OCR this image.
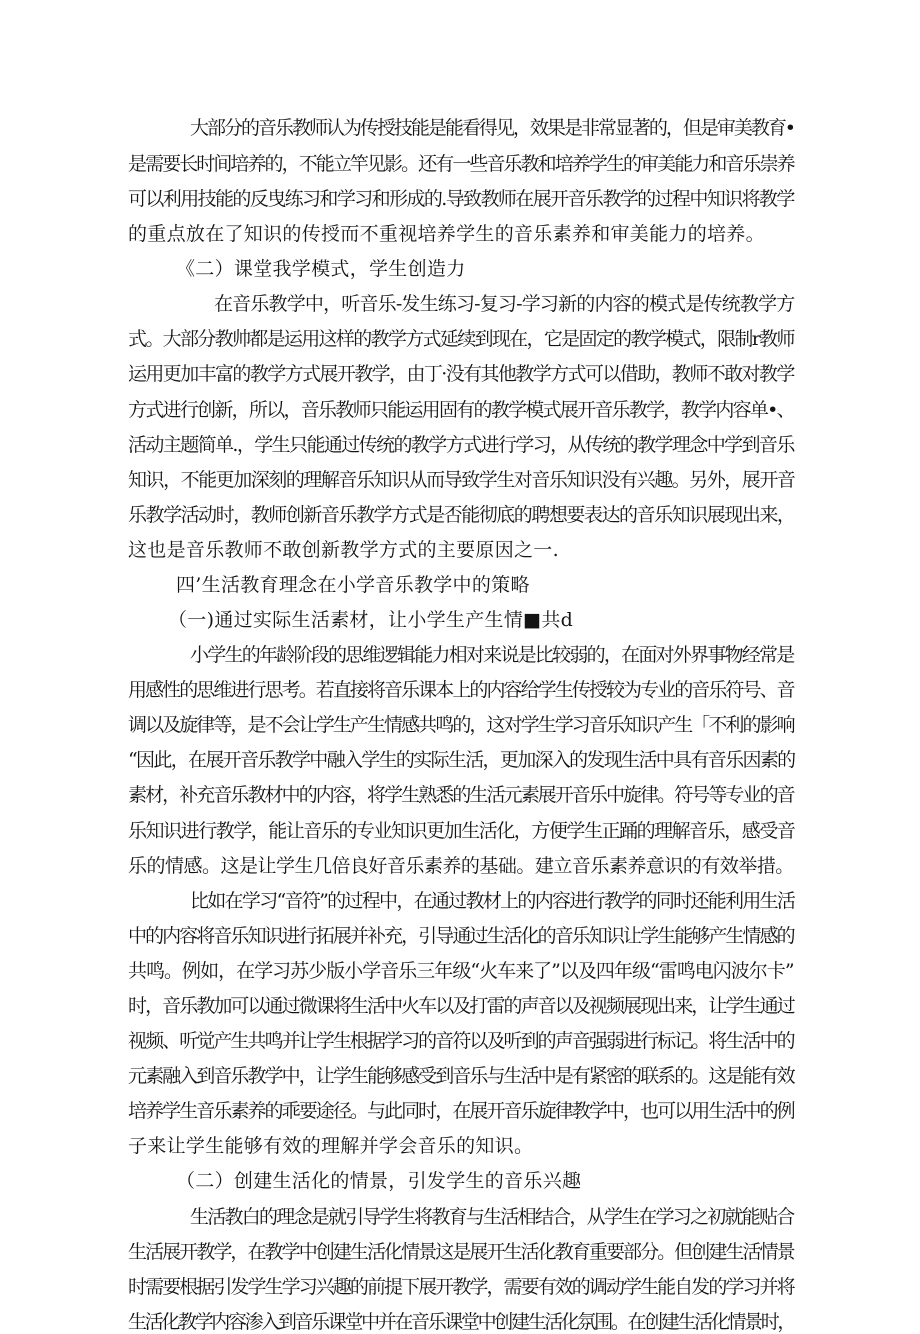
大部分的音乐教师认为传授技能是能看得见，效果是非常显著的，但是审美教育•
是需要长时间培养的，不能立竿见影。还有一些音乐教和培养学生的审美能力和音乐崇养
可以利用技能的反曳练习和学习和形成的.导致教师在展开音乐教学的过程中知识将教学
的重点放在了知识的传授而不重视培养学生的音乐素养和审美能力的培养。
《二）课堂我学模式，学生创造力
在音乐教学中，听音乐-发生练习-复习-学习新的内容的模式是传统教学方
式。大部分教帅都是运用这样的教学方式延续到现在，它是固定的教学模式，限制r教师
运用更加丰富的教学方式展开教学，由丁·没有其他教学方式可以借助，教师不敢对教学
方式进行创新，所以，音乐教师只能运用固有的教学模式展开音乐教学，教学内容单•、
活动主题简单.，学生只能通过传统的教学方式进行学习，从传统的教学理念中学到音乐
知识，不能更加深刻的理解音乐知识从而导致学生对音乐知识没有兴趣。另外，展开音
乐教学活动时，教师创新音乐教学方式是否能彻底的聘想要表达的音乐知识展现出来，
这也是音乐教师不敢创新教学方式的主要原因之一.
四’生活教育理念在小学音乐教学中的策略
（一)通过实际生活素材，让小学生产生情■共d
小学生的年龄阶段的思维逻辑能力相对来说是比较弱的，在面对外界事物经常是
用感性的思维进行思考。若直接将音乐课本上的内容给学生传授较为专业的音乐符号、音
调以及旋律等，是不会让学生产生情感共鸣的，这对学生学习音乐知识产生「不利的影响
“因此，在展开音乐教学中融入学生的实际生活，更加深入的发现生活中具有音乐因素的
素材，补充音乐教材中的内容，将学生熟悉的生活元素展开音乐中旋律。符号等专业的音
乐知识进行教学，能让音乐的专业知识更加生活化，方便学生正踊的理解音乐，感受音
乐的情感。这是让学生几倍良好音乐素养的基础。建立音乐素养意识的有效举措。
比如在学习“音符”的过程中，在通过教材上的内容进行教学的同时还能利用生活
中的内容将音乐知识进行拓展并补充，引导通过生活化的音乐知识让学生能够产生情感的
共鸣。例如，在学习苏少版小学音乐三年级“火车来了”以及四年级“雷鸣电闪波尔卡”
时，音乐教加可以通过微课将生活中火车以及打雷的声音以及视频展现出来，让学生通过
视频、听觉产生共鸣并让学生根据学习的音符以及听到的声音强弱进行标记。将生活中的
元素融入到音乐教学中，让学生能够感受到音乐与生活中是有紧密的联系的。这是能有效
培养学生音乐素养的乖要途径。与此同时，在展开音乐旋律教学中，也可以用生活中的例
子来让学生能够有效的理解并学会音乐的知识。
（二）创建生活化的情景，引发学生的音乐兴趣
生活教白的理念是就引导学生将教育与生活相结合，从学生在学习之初就能贴合
生活展开教学，在教学中创建生活化情景这是展开生活化教育重要部分。但创建生活情景
时需要根据引发学生学习兴趣的前提下展开教学，需要有效的调动学生能自发的学习并将
生活化教学内容渗入到音乐课堂中并在音乐课堂中创建生活化氛围。在创建生活化情景时，
